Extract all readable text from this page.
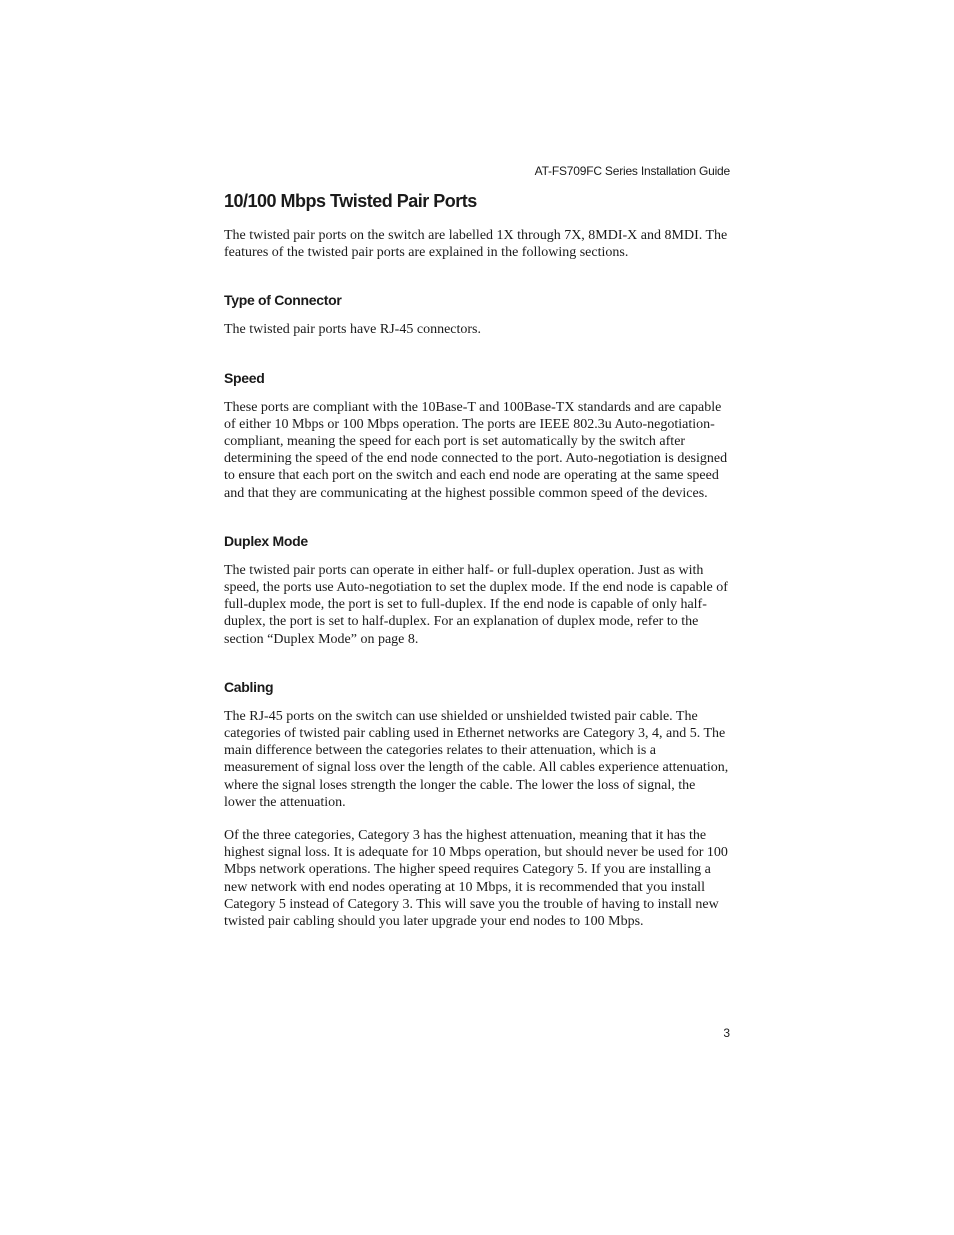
AT-FS709FC Series Installation Guide
10/100 Mbps Twisted Pair Ports

The twisted pair ports on the switch are labelled 1X through 7X, 8MDI-X and 8MDI. The features of the twisted pair ports are explained in the following sections.

Type of Connector

The twisted pair ports have RJ-45 connectors.

Speed

These ports are compliant with the 10Base-T and 100Base-TX standards and are capable of either 10 Mbps or 100 Mbps operation. The ports are IEEE 802.3u Auto-negotiation-compliant, meaning the speed for each port is set automatically by the switch after determining the speed of the end node connected to the port. Auto-negotiation is designed to ensure that each port on the switch and each end node are operating at the same speed and that they are communicating at the highest possible common speed of the devices.

Duplex Mode

The twisted pair ports can operate in either half- or full-duplex operation. Just as with speed, the ports use Auto-negotiation to set the duplex mode. If the end node is capable of full-duplex mode, the port is set to full-duplex. If the end node is capable of only half-duplex, the port is set to half-duplex. For an explanation of duplex mode, refer to the section “Duplex Mode” on page 8.

Cabling

The RJ-45 ports on the switch can use shielded or unshielded twisted pair cable. The categories of twisted pair cabling used in Ethernet networks are Category 3, 4, and 5. The main difference between the categories relates to their attenuation, which is a measurement of signal loss over the length of the cable. All cables experience attenuation, where the signal loses strength the longer the cable. The lower the loss of signal, the lower the attenuation.

Of the three categories, Category 3 has the highest attenuation, meaning that it has the highest signal loss. It is adequate for 10 Mbps operation, but should never be used for 100 Mbps network operations. The higher speed requires Category 5. If you are installing a new network with end nodes operating at 10 Mbps, it is recommended that you install Category 5 instead of Category 3. This will save you the trouble of having to install new twisted pair cabling should you later upgrade your end nodes to 100 Mbps.

3
